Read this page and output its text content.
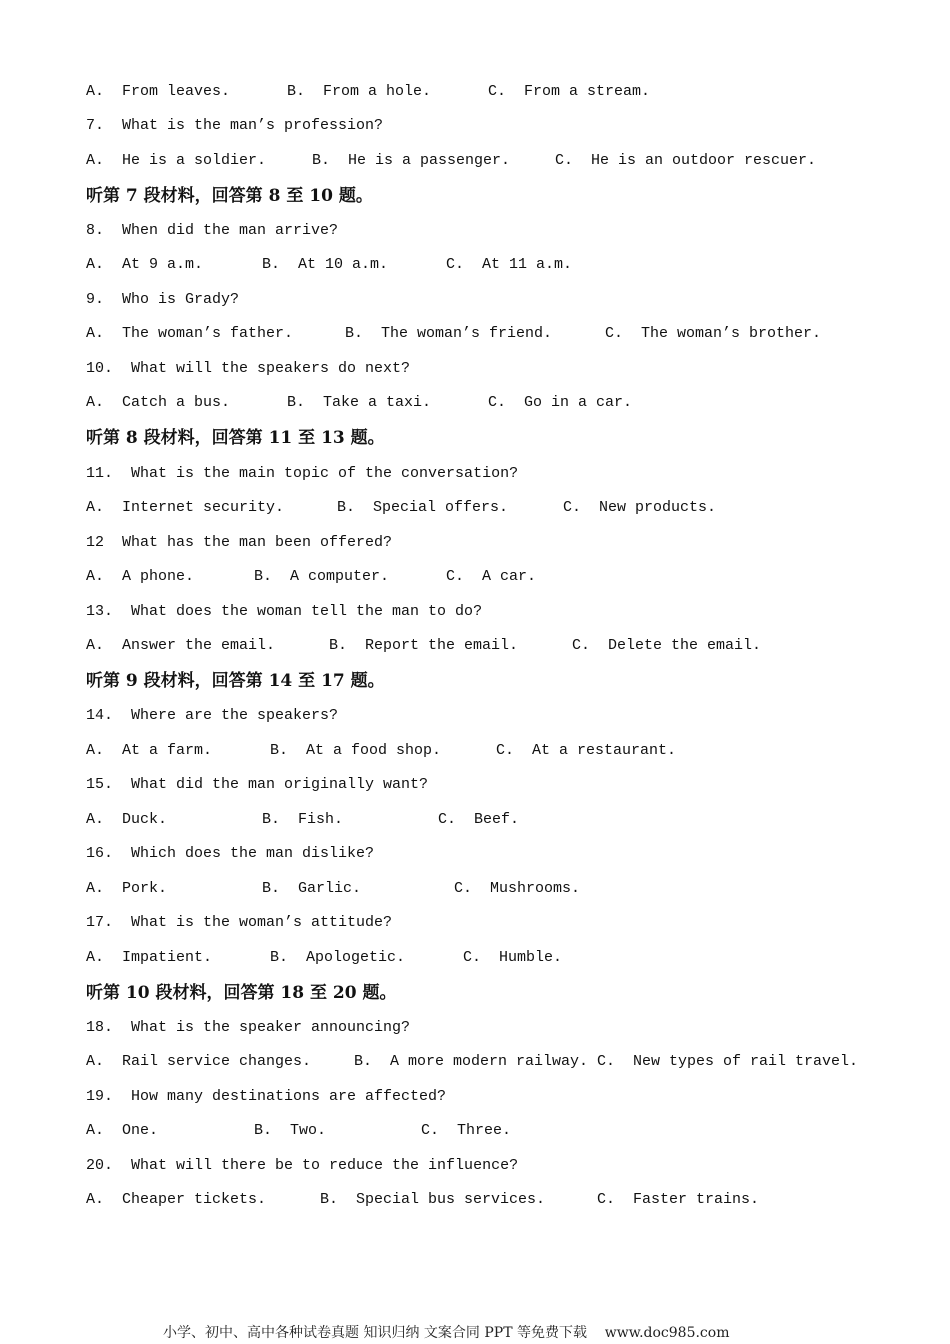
A.  From leaves.	B.  From a hole.	C.  From a stream.
7.  What is the man’s profession?
A.  He is a soldier.	B.  He is a passenger.	C.  He is an outdoor rescuer.
听第 7 段材料，回答第 8 至 10 题。
8.  When did the man arrive?
A.  At 9 a.m.	B.  At 10 a.m.	C.  At 11 a.m.
9.  Who is Grady?
A.  The woman’s father.	B.  The woman’s friend.	C.  The woman’s brother.
10.  What will the speakers do next?
A.  Catch a bus.	B.  Take a taxi.	C.  Go in a car.
听第 8 段材料，回答第 11 至 13 题。
11.  What is the main topic of the conversation?
A.  Internet security.	B.  Special offers.	C.  New products.
12  What has the man been offered?
A.  A phone.	B.  A computer.	C.  A car.
13.  What does the woman tell the man to do?
A.  Answer the email.	B.  Report the email.	C.  Delete the email.
听第 9 段材料，回答第 14 至 17 题。
14.  Where are the speakers?
A.  At a farm.	B.  At a food shop.	C.  At a restaurant.
15.  What did the man originally want?
A.  Duck.	B.  Fish.	C.  Beef.
16.  Which does the man dislike?
A.  Pork.	B.  Garlic.	C.  Mushrooms.
17.  What is the woman’s attitude?
A.  Impatient.	B.  Apologetic.	C.  Humble.
听第 10 段材料，回答第 18 至 20 题。
18.  What is the speaker announcing?
A.  Rail service changes.	B.  A more modern railway. C.  New types of rail travel.
19.  How many destinations are affected?
A.  One.	B.  Two.	C.  Three.
20.  What will there be to reduce the influence?
A.  Cheaper tickets.	B.  Special bus services.	C.  Faster trains.
小学、初中、高中各种试卷真题 知识归纳 文案合同 PPT 等免费下载    www.doc985.com
